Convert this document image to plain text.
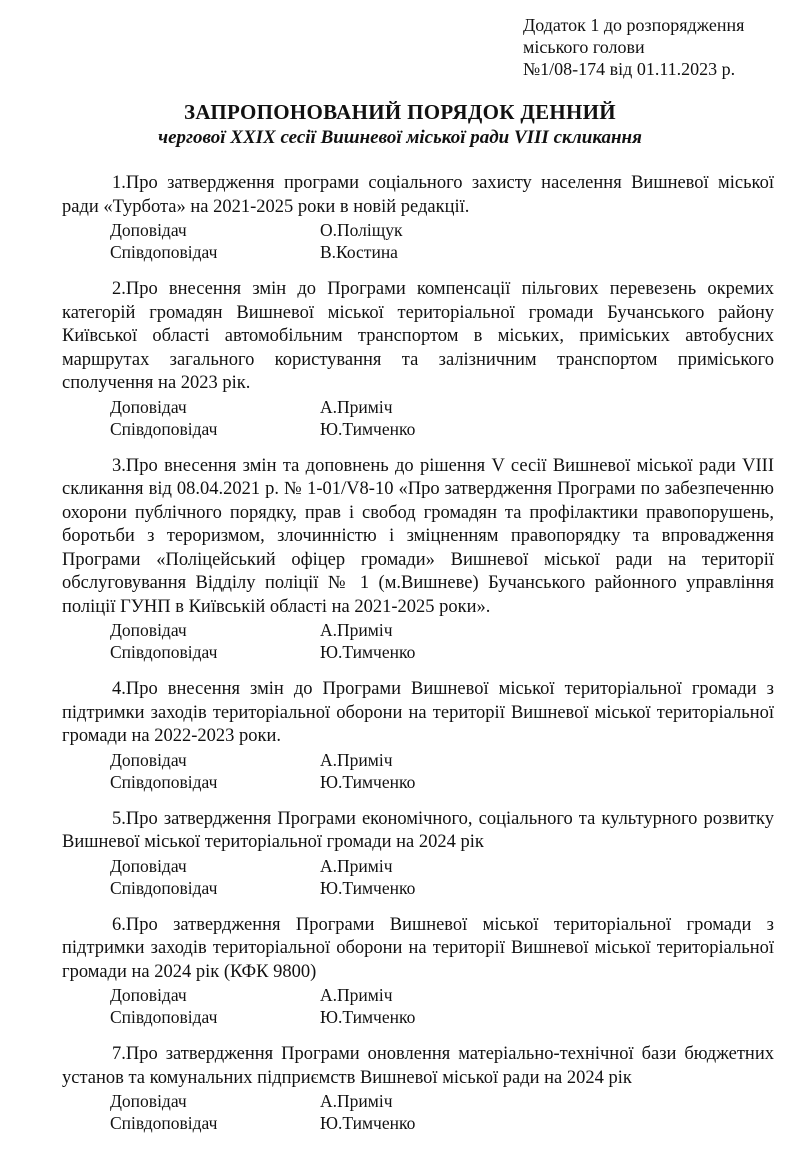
Додаток 1 до розпорядження
міського голови
№1/08-174 від 01.11.2023 р.
ЗАПРОПОНОВАНИЙ ПОРЯДОК ДЕННИЙ
чергової XXIX сесії Вишневої міської ради VIII скликання

1.Про затвердження програми соціального захисту населення Вишневої міської ради «Турбота» на 2021-2025 роки в новій редакції.

Доповідач	О.Поліщук
Співдоповідач	В.Костина

2.Про внесення змін до Програми компенсації пільгових перевезень окремих категорій громадян Вишневої міської територіальної громади Бучанського району Київської області автомобільним транспортом в міських, приміських автобусних маршрутах загального користування та залізничним транспортом приміського сполучення на 2023 рік.

Доповідач	А.Приміч
Співдоповідач	Ю.Тимченко

3.Про внесення змін та доповнень до рішення V сесії Вишневої міської ради VIII скликання від 08.04.2021 р. № 1-01/V8-10 «Про затвердження Програми по забезпеченню охорони публічного порядку, прав і свобод громадян та профілактики правопорушень, боротьби з тероризмом, злочинністю і зміцненням правопорядку та впровадження Програми «Поліцейський офіцер громади» Вишневої міської ради на території обслуговування Відділу поліції № 1 (м.Вишневе) Бучанського районного управління поліції ГУНП в Київській області на 2021-2025 роки».

Доповідач	А.Приміч
Співдоповідач	Ю.Тимченко

4.Про внесення змін до Програми Вишневої міської територіальної громади з підтримки заходів територіальної оборони на території Вишневої міської територіальної громади на 2022-2023 роки.

Доповідач	А.Приміч
Співдоповідач	Ю.Тимченко

5.Про затвердження Програми економічного, соціального та культурного розвитку Вишневої міської територіальної громади на 2024 рік

Доповідач	А.Приміч
Співдоповідач	Ю.Тимченко

6.Про затвердження Програми Вишневої міської територіальної громади з підтримки заходів територіальної оборони на території Вишневої міської територіальної громади на 2024 рік (КФК 9800)

Доповідач	А.Приміч
Співдоповідач	Ю.Тимченко

7.Про затвердження Програми оновлення матеріально-технічної бази бюджетних установ та комунальних підприємств Вишневої міської ради на 2024 рік

Доповідач	А.Приміч
Співдоповідач	Ю.Тимченко
